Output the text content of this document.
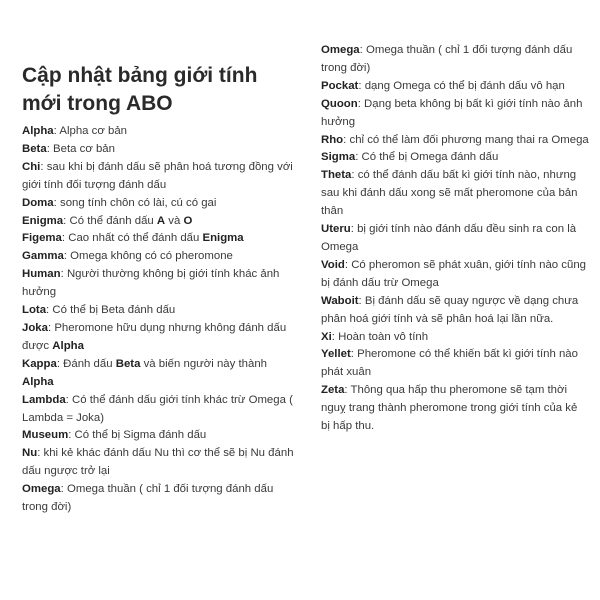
Cập nhật bảng giới tính mới trong ABO
Alpha: Alpha cơ bản
Beta: Beta cơ bản
Chi: sau khi bị đánh dấu sẽ phân hoá tương đồng với giới tính đối tượng đánh dấu
Doma: song tính chôn có lài, cú có gai
Enigma: Có thể đánh dấu A và O
Figema: Cao nhất có thể đánh dấu Enigma
Gamma: Omega không có có pheromone
Human: Người thường không bị giới tính khác ảnh hưởng
Lota: Có thể bị Beta đánh dấu
Joka: Pheromone hữu dụng nhưng không đánh dấu được Alpha
Kappa: Đánh dấu Beta và biến người này thành Alpha
Lambda: Có thể đánh dấu giới tính khác trừ Omega ( Lambda = Joka)
Museum: Có thể bị Sigma đánh dấu
Nu: khi kẻ khác đánh dấu Nu thì cơ thể sẽ bị Nu đánh dấu ngược trở lại
Omega: Omega thuần ( chỉ 1 đối tượng đánh dấu trong đời)
Omega: Omega thuần ( chỉ 1 đối tượng đánh dấu trong đời)
Pockat: dạng Omega có thể bị đánh dấu vô hạn
Quoon: Dạng beta không bị bất kì giới tính nào ảnh hưởng
Rho: chỉ có thể làm đối phương mang thai ra Omega
Sigma: Có thể bị Omega đánh dấu
Theta: có thể đánh dấu bất kì giới tính nào, nhưng sau khi đánh dấu xong sẽ mất pheromone của bản thân
Uteru: bị giới tính nào đánh dấu đều sinh ra con là Omega
Void: Có pheromon sẽ phát xuân, giới tính nào cũng bị đánh dấu trừ Omega
Waboit: Bị đánh dấu sẽ quay ngược về dạng chưa phân hoá giới tính và sẽ phân hoá lại lần nữa.
Xi: Hoàn toàn vô tính
Yellet: Pheromone có thể khiến bất kì giới tính nào phát xuân
Zeta: Thông qua hấp thu pheromone sẽ tạm thời nguỵ trang thành pheromone trong giới tính của kẻ bị hấp thu.
